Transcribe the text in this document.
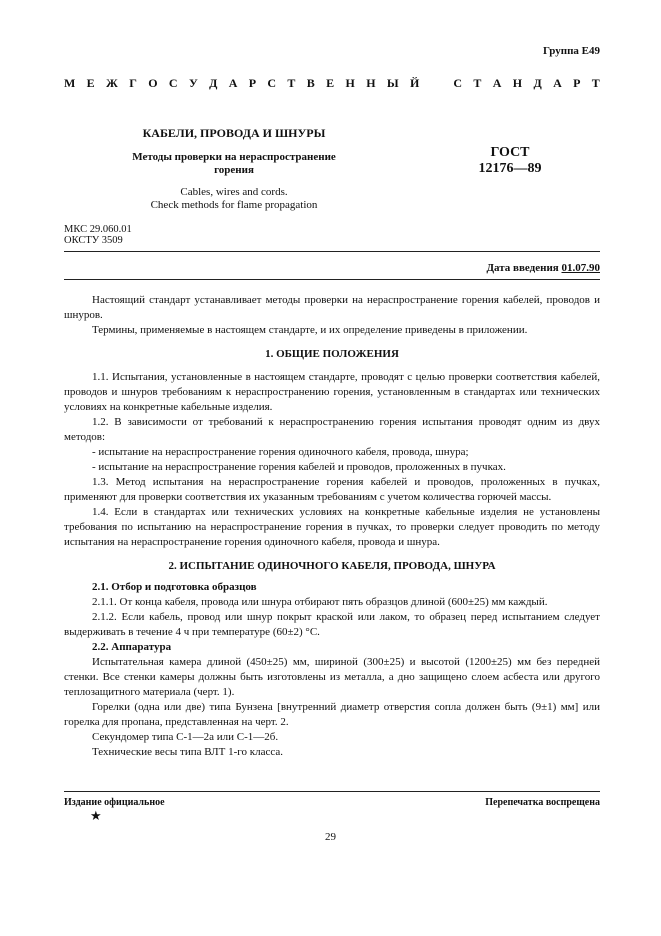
Группа Е49
М Е Ж Г О С У Д А Р С Т В Е Н Н Ы Й	С Т А Н Д А Р Т
КАБЕЛИ, ПРОВОДА И ШНУРЫ
Методы проверки на нераспространение
горения
Cables, wires and cords.
Check methods for flame propagation
ГОСТ
12176—89
МКС 29.060.01
ОКСТУ 3509
Дата введения 01.07.90

Настоящий стандарт устанавливает методы проверки на нераспространение горения кабелей, проводов и шнуров.

Термины, применяемые в настоящем стандарте, и их определение приведены в приложении.

1. ОБЩИЕ ПОЛОЖЕНИЯ

1.1. Испытания, установленные в настоящем стандарте, проводят с целью проверки соответствия кабелей, проводов и шнуров требованиям к нераспространению горения, установленным в стандартах или технических условиях на конкретные кабельные изделия.

1.2. В зависимости от требований к нераспространению горения испытания проводят одним из двух методов:

- испытание на нераспространение горения одиночного кабеля, провода, шнура;

- испытание на нераспространение горения кабелей и проводов, проложенных в пучках.

1.3. Метод испытания на нераспространение горения кабелей и проводов, проложенных в пучках, применяют для проверки соответствия их указанным требованиям с учетом количества горючей массы.

1.4. Если в стандартах или технических условиях на конкретные кабельные изделия не установлены требования по испытанию на нераспространение горения в пучках, то проверки следует проводить по методу испытания на нераспространение горения одиночного кабеля, провода и шнура.

2. ИСПЫТАНИЕ ОДИНОЧНОГО КАБЕЛЯ, ПРОВОДА, ШНУРА

2.1. Отбор и подготовка образцов

2.1.1. От конца кабеля, провода или шнура отбирают пять образцов длиной (600±25) мм каждый.

2.1.2. Если кабель, провод или шнур покрыт краской или лаком, то образец перед испытанием следует выдерживать в течение 4 ч при температуре (60±2) °С.

2.2. Аппаратура

Испытательная камера длиной (450±25) мм, шириной (300±25) и высотой (1200±25) мм без передней стенки. Все стенки камеры должны быть изготовлены из металла, а дно защищено слоем асбеста или другого теплозащитного материала (черт. 1).

Горелки (одна или две) типа Бунзена [внутренний диаметр отверстия сопла должен быть (9±1) мм] или горелка для пропана, представленная на черт. 2.

Секундомер типа С-1—2а или С-1—2б.

Технические весы типа ВЛТ 1-го класса.

Издание официальное
★
Перепечатка воспрещена
29
